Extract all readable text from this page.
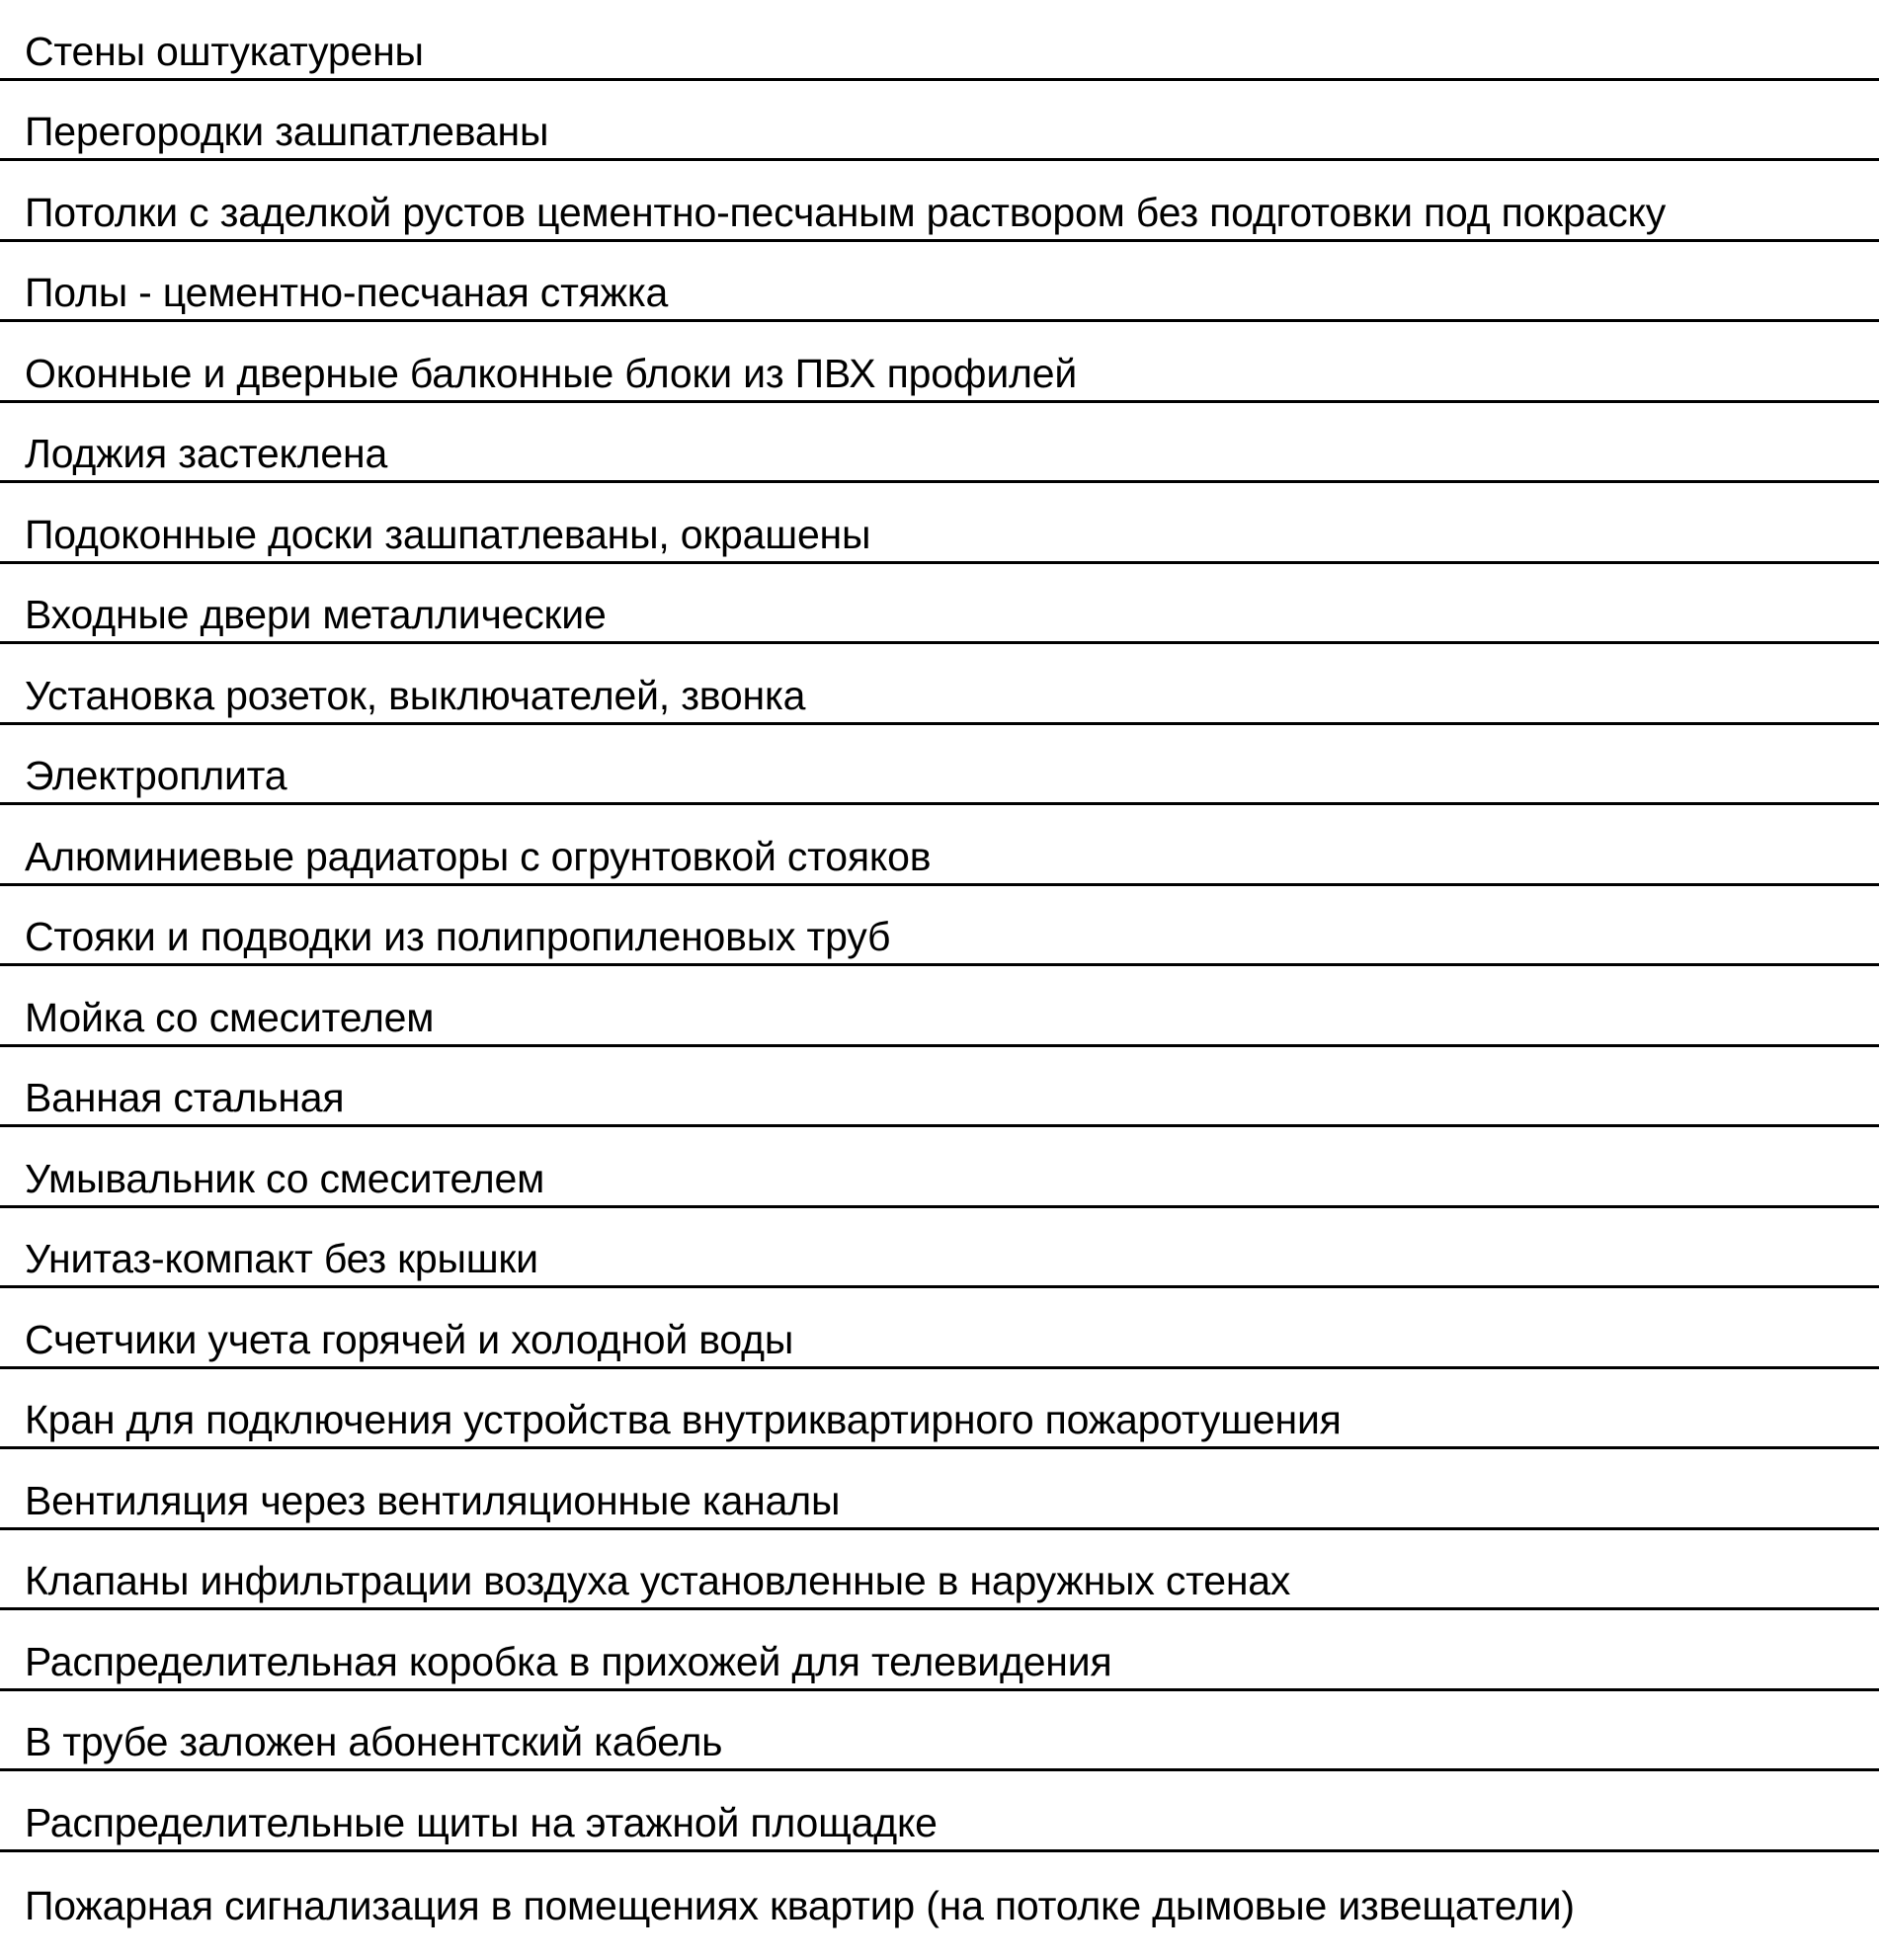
Стены оштукатурены
Перегородки зашпатлеваны
Потолки с заделкой рустов цементно-песчаным раствором без подготовки под покраску
Полы - цементно-песчаная стяжка
Оконные и дверные балконные блоки из ПВХ профилей
Лоджия застеклена
Подоконные доски зашпатлеваны, окрашены
Входные двери металлические
Установка розеток, выключателей, звонка
Электроплита
Алюминиевые радиаторы с огрунтовкой стояков
Стояки и подводки из полипропиленовых труб
Мойка со смесителем
Ванная стальная
Умывальник со смесителем
Унитаз-компакт без крышки
Счетчики учета горячей и холодной воды
Кран для подключения устройства внутриквартирного пожаротушения
Вентиляция через вентиляционные каналы
Клапаны инфильтрации воздуха установленные в наружных стенах
Распределительная коробка в прихожей для телевидения
В трубе заложен абонентский кабель
Распределительные щиты на этажной площадке
Пожарная сигнализация в помещениях квартир (на потолке дымовые извещатели)
